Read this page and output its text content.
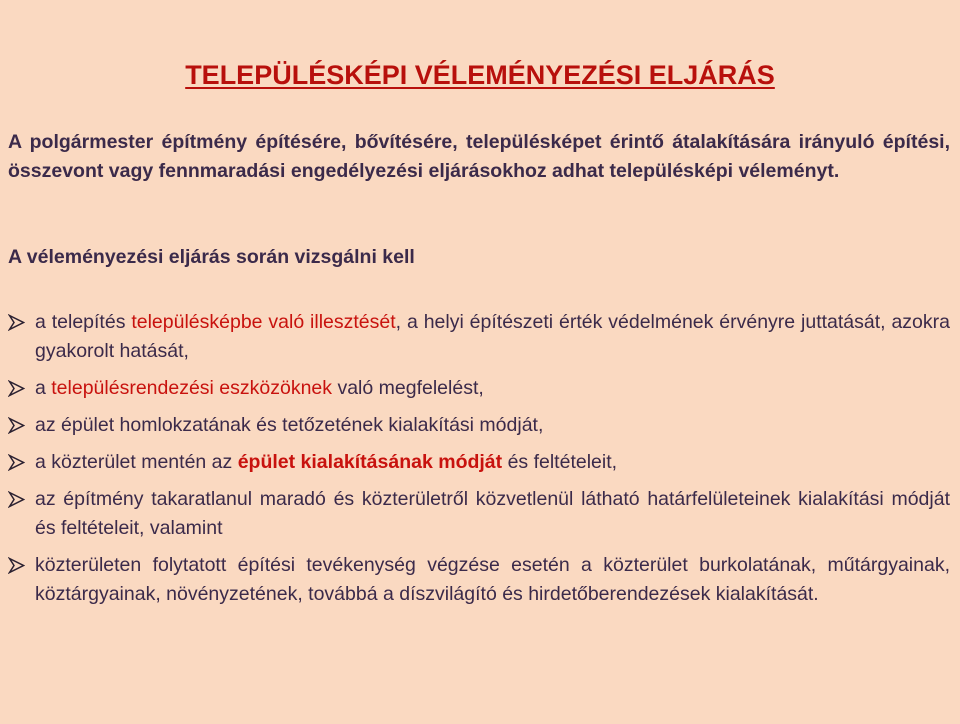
TELEPÜLÉSKÉPI VÉLEMÉNYEZÉSI ELJÁRÁS
A polgármester építmény építésére, bővítésére, településképet érintő átalakítására irányuló építési, összevont vagy fennmaradási engedélyezési eljárásokhoz adhat településképi véleményt.
A véleményezési eljárás során vizsgálni kell
a telepítés településképbe való illesztését, a helyi építészeti érték védelmének érvényre juttatását, azokra gyakorolt hatását,
a településrendezési eszközöknek való megfelelést,
az épület homlokzatának és tetőzetének kialakítási módját,
a közterület mentén az épület kialakításának módját és feltételeit,
az építmény takaratlanul maradó és közterületről közvetlenül látható határfelületeinek kialakítási módját és feltételeit, valamint
közterületen folytatott építési tevékenység végzése esetén a közterület burkolatának, műtárgyainak, köztárgyainak, növényzetének, továbbá a díszvilágító és hirdetőberendezések kialakítását.
